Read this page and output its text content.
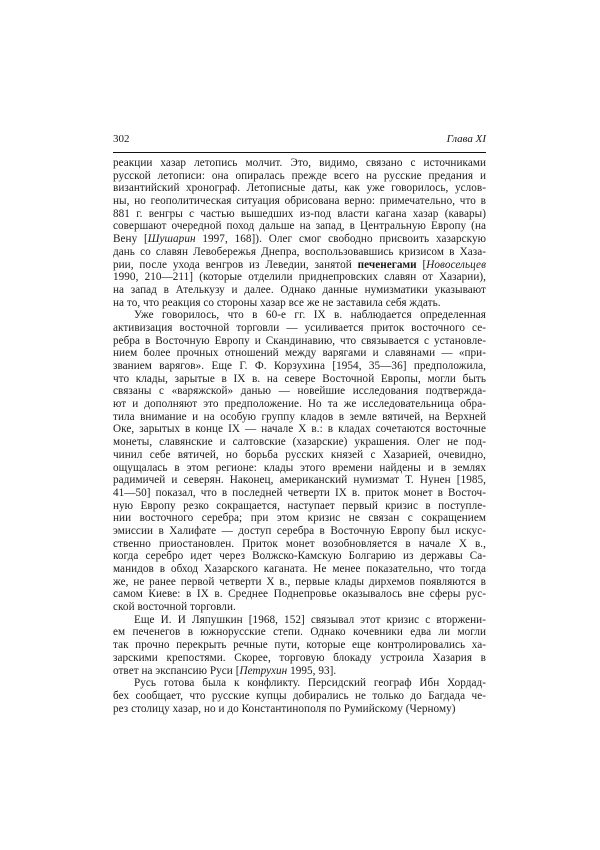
302	Глава XI

реакции хазар летопись молчит. Это, видимо, связано с источниками
русской летописи: она опиралась прежде всего на русские предания и
византийский хронограф. Летописные даты, как уже говорилось, услов-
ны, но геополитическая ситуация обрисована верно: примечательно, что в
881 г. венгры с частью вышедших из-под власти кагана хазар (кавары)
совершают очередной поход дальше на запад, в Центральную Европу (на
Вену [Шушарин 1997, 168]). Олег смог свободно присвоить хазарскую
дань со славян Левобережья Днепра, воспользовавшись кризисом в Хаза-
рии, после ухода венгров из Леведии, занятой печенегами [Новосельцев
1990, 210—211] (которые отделили приднепровских славян от Хазарии),
на запад в Ателькузу и далее. Однако данные нумизматики указывают
на то, что реакция со стороны хазар все же не заставила себя ждать.

Уже говорилось, что в 60-е гг. IX в. наблюдается определенная
активизация восточной торговли — усиливается приток восточного се-
ребра в Восточную Европу и Скандинавию, что связывается с установле-
нием более прочных отношений между варягами и славянами — «при-
званием варягов». Еще Г. Ф. Корзухина [1954, 35—36] предположила,
что клады, зарытые в IX в. на севере Восточной Европы, могли быть
связаны с «варяжской» данью — новейшие исследования подтвержда-
ют и дополняют это предположение. Но та же исследовательница обра-
тила внимание и на особую группу кладов в земле вятичей, на Верхней
Оке, зарытых в конце IX — начале X в.: в кладах сочетаются восточные
монеты, славянские и салтовские (хазарские) украшения. Олег не под-
чинил себе вятичей, но борьба русских князей с Хазарией, очевидно,
ощущалась в этом регионе: клады этого времени найдены и в землях
радимичей и северян. Наконец, американский нумизмат Т. Нунен [1985,
41—50] показал, что в последней четверти IX в. приток монет в Восточ-
ную Европу резко сокращается, наступает первый кризис в поступле-
нии восточного серебра; при этом кризис не связан с сокращением
эмиссии в Халифате — доступ серебра в Восточную Европу был искус-
ственно приостановлен. Приток монет возобновляется в начале X в.,
когда серебро идет через Волжско-Камскую Болгарию из державы Са-
манидов в обход Хазарского каганата. Не менее показательно, что тогда
же, не ранее первой четверти X в., первые клады дирхемов появляются в
самом Киеве: в IX в. Среднее Поднепровье оказывалось вне сферы рус-
ской восточной торговли.

Еще И. И Ляпушкин [1968, 152] связывал этот кризис с вторжени-
ем печенегов в южнорусские степи. Однако кочевники едва ли могли
так прочно перекрыть речные пути, которые еще контролировались ха-
зарскими крепостями. Скорее, торговую блокаду устроила Хазария в
ответ на экспансию Руси [Петрухин 1995, 93].

Русь готова была к конфликту. Персидский географ Ибн Хордад-
бех сообщает, что русские купцы добирались не только до Багдада че-
рез столицу хазар, но и до Константинополя по Румийскому (Черному)
